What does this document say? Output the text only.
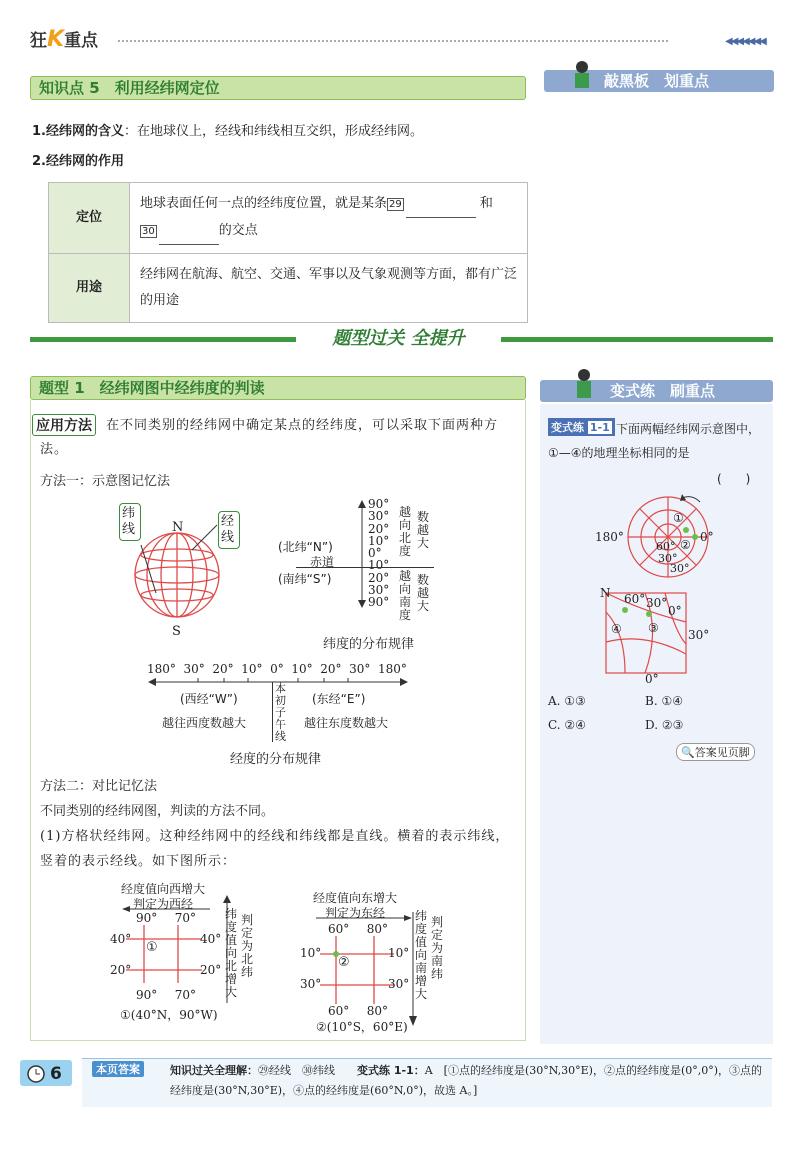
狂K重点	◀◀◀◀◀◀◀
知识点 5　利用经纬网定位	敲黑板　划重点
1.经纬网的含义：在地球仪上，经线和纬线相互交织，形成经纬网。
2.经纬网的作用
定位	地球表面任何一点的经纬度位置，就是某条 29 和
30 的交点
用途	经纬网在航海、航空、交通、军事以及气象观测等方面，都有广泛的用途
题型过关 全提升
题型 1　经纬网图中经纬度的判读
应用方法	在不同类别的经纬网中确定某点的经纬度，可以采取下面两种方法。
方法一：示意图记忆法
纬线
经线
N
S
90°
30°
20°
10°
0°
10°
20°
30°
90°
(北纬“N”)
赤道
(南纬“S”)
越向北度
数越大
越向南度
数越大
纬度的分布规律
180° 30° 20° 10° 0° 10° 20° 30° 180°
(西经“W”)	(东经“E”)
越往西度数越大	越往东度数越大
本初子午线
经度的分布规律
方法二：对比记忆法
不同类别的经纬网图，判读的方法不同。
(1)方格状经纬网。这种经纬网中的经线和纬线都是直线。横着的表示纬线，竖着的表示经线。如下图所示：
经度值向西增大
判定为西经
90° 70°
90° 70°
40°
20°
40°
20°
①
纬度值向北增大
判定为北纬
①(40°N，90°W)
经度值向东增大
判定为东经
60° 80°
60° 80°
10°
30°
10°
30°
②
纬度值向南增大
判定为南纬
②(10°S，60°E)
变式练　刷重点
变式练 1-1 下面两幅经纬网示意图中，①—④的地理坐标相同的是
(　　)
180°	0°
60°
30°
30°
①
②
N 60° 30°
0°
30°
0°
③
④
A. ①③	B. ①④
C. ②④	D. ②③
🔍答案见页脚
6	本页答案	知识过关全理解：㉙经线　㉚纬线　　 变式练 1-1：A　[①点的经纬度是(30°N,30°E)，②点的经纬度是(0°,0°)，③点的经纬度是(30°N,30°E)，④点的经纬度是(60°N,0°)，故选 A。]
